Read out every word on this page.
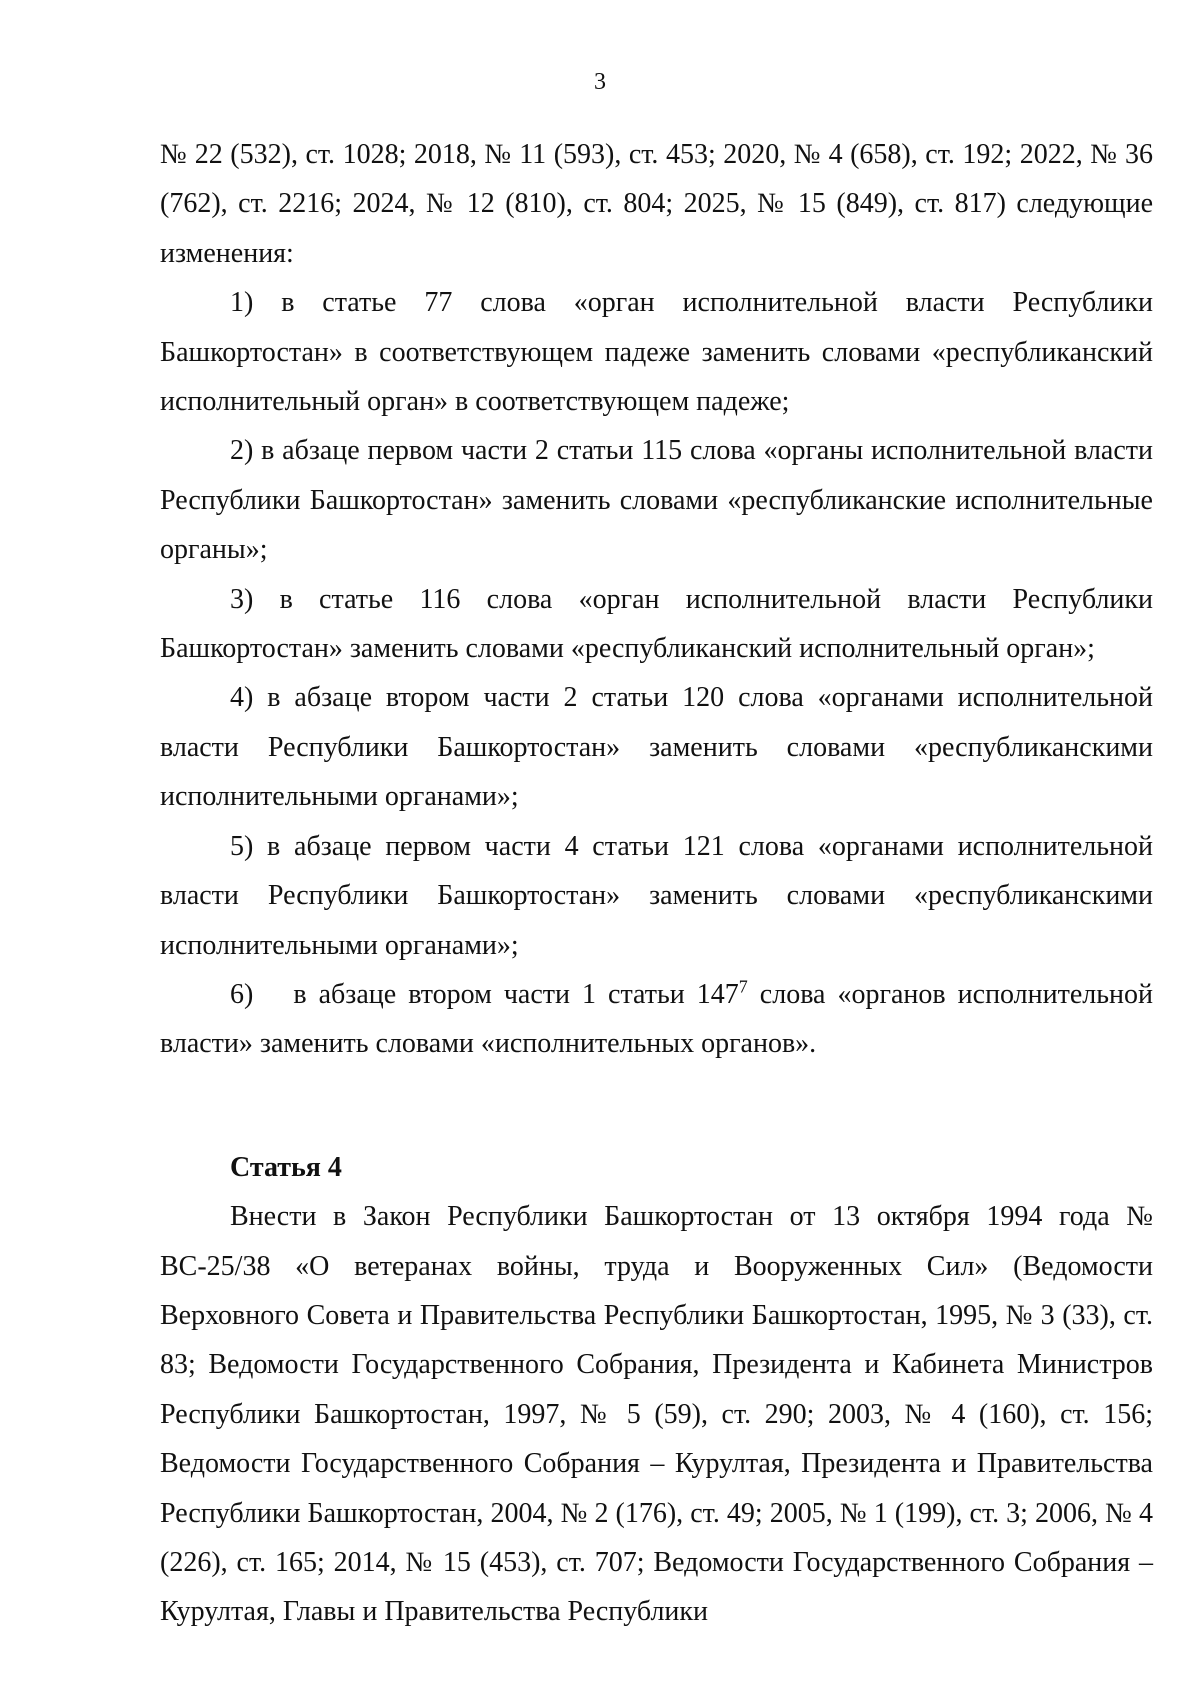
3

№ 22 (532), ст. 1028; 2018, № 11 (593), ст. 453; 2020, № 4 (658), ст. 192; 2022, № 36 (762), ст. 2216; 2024, № 12 (810), ст. 804; 2025, № 15 (849), ст. 817) следующие изменения:

1) в статье 77 слова «орган исполнительной власти Республики Башкортостан» в соответствующем падеже заменить словами «республиканский исполнительный орган» в соответствующем падеже;

2) в абзаце первом части 2 статьи 115 слова «органы исполнительной власти Республики Башкортостан» заменить словами «республиканские исполнительные органы»;

3) в статье 116 слова «орган исполнительной власти Республики Башкортостан» заменить словами «республиканский исполнительный орган»;

4) в абзаце втором части 2 статьи 120 слова «органами исполнительной власти Республики Башкортостан» заменить словами «республиканскими исполнительными органами»;

5) в абзаце первом части 4 статьи 121 слова «органами исполнительной власти Республики Башкортостан» заменить словами «республиканскими исполнительными органами»;

6)  в абзаце втором части 1 статьи $147^7$ слова «органов исполнительной власти» заменить словами «исполнительных органов».

Статья 4

Внести в Закон Республики Башкортостан от 13 октября 1994 года № ВС-25/38 «О ветеранах войны, труда и Вооруженных Сил» (Ведомости Верховного Совета и Правительства Республики Башкортостан, 1995, № 3 (33), ст. 83; Ведомости Государственного Собрания, Президента и Кабинета Министров Республики Башкортостан, 1997, № 5 (59), ст. 290; 2003, № 4 (160), ст. 156; Ведомости Государственного Собрания – Курултая, Президента и Правительства Республики Башкортостан, 2004, № 2 (176), ст. 49; 2005, № 1 (199), ст. 3; 2006, № 4 (226), ст. 165; 2014, № 15 (453), ст. 707; Ведомости Государственного Собрания – Курултая, Главы и Правительства Республики
